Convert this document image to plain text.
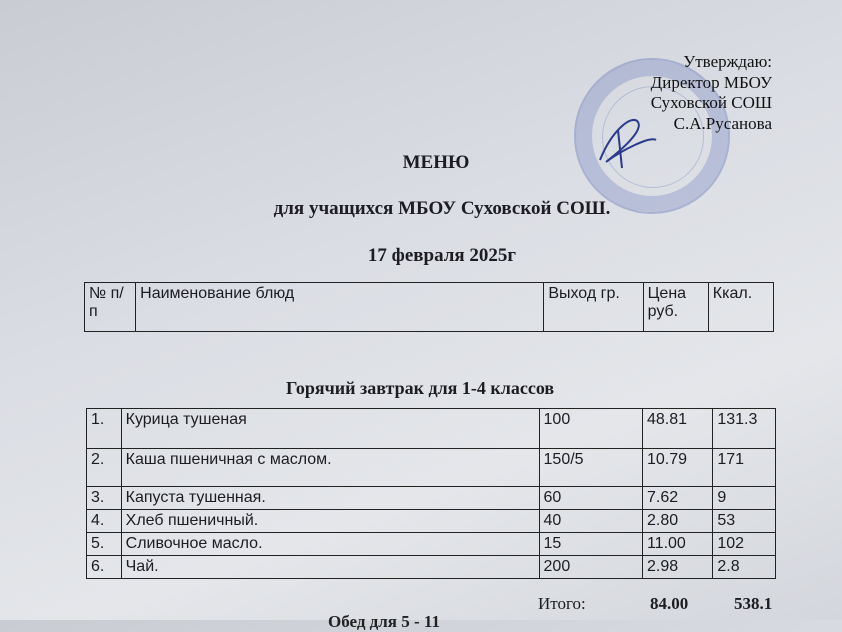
Утверждаю:
Директор МБОУ
Суховской СОШ
С.А.Русанова
МЕНЮ
для учащихся МБОУ Суховской СОШ.
17 февраля 2025г
№ п/п	Наименование блюд	Выход гр.	Цена руб.	Ккал.
Горячий завтрак для 1-4 классов
1.	Курица тушеная	100	48.81	131.3
2.	Каша пшеничная с маслом.	150/5	10.79	171
3.	Капуста тушенная.	60	7.62	9
4.	Хлеб пшеничный.	40	2.80	53
5.	Сливочное масло.	15	11.00	102
6.	Чай.	200	2.98	2.8
Итого:	84.00	538.1
Обед для 5 - 11
